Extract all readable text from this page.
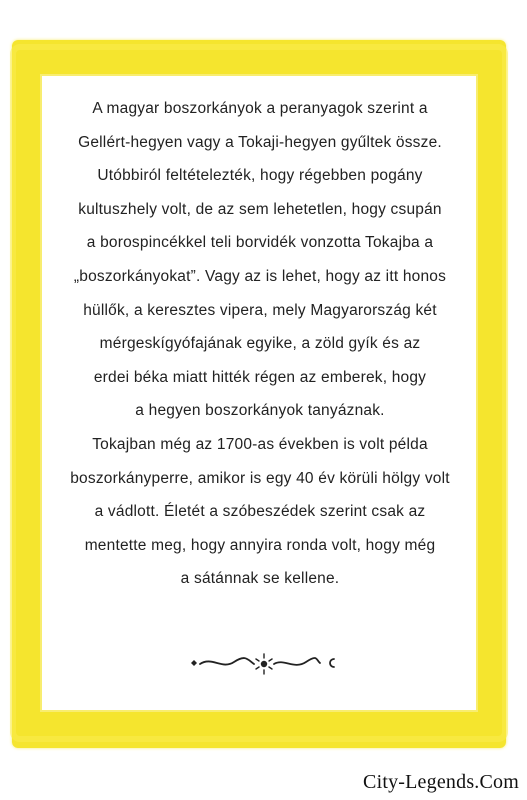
A magyar boszorkányok a peranyagok szerint a
Gellért-hegyen vagy a Tokaji-hegyen gyűltek össze.
Utóbbiról feltételezték, hogy régebben pogány
kultuszhely volt, de az sem lehetetlen, hogy csupán
a borospincékkel teli borvidék vonzotta Tokajba a
„boszorkányokat”. Vagy az is lehet, hogy az itt honos
hüllők, a keresztes vipera, mely Magyarország két
mérgeskígyófajának egyike, a zöld gyík és az
erdei béka miatt hitték régen az emberek, hogy
a hegyen boszorkányok tanyáznak.
Tokajban még az 1700-as években is volt példa
boszorkányperre, amikor is egy 40 év körüli hölgy volt
a vádlott. Életét a szóbeszédek szerint csak az
mentette meg, hogy annyira ronda volt, hogy még
a sátánnak se kellene.
City-Legends.Com
